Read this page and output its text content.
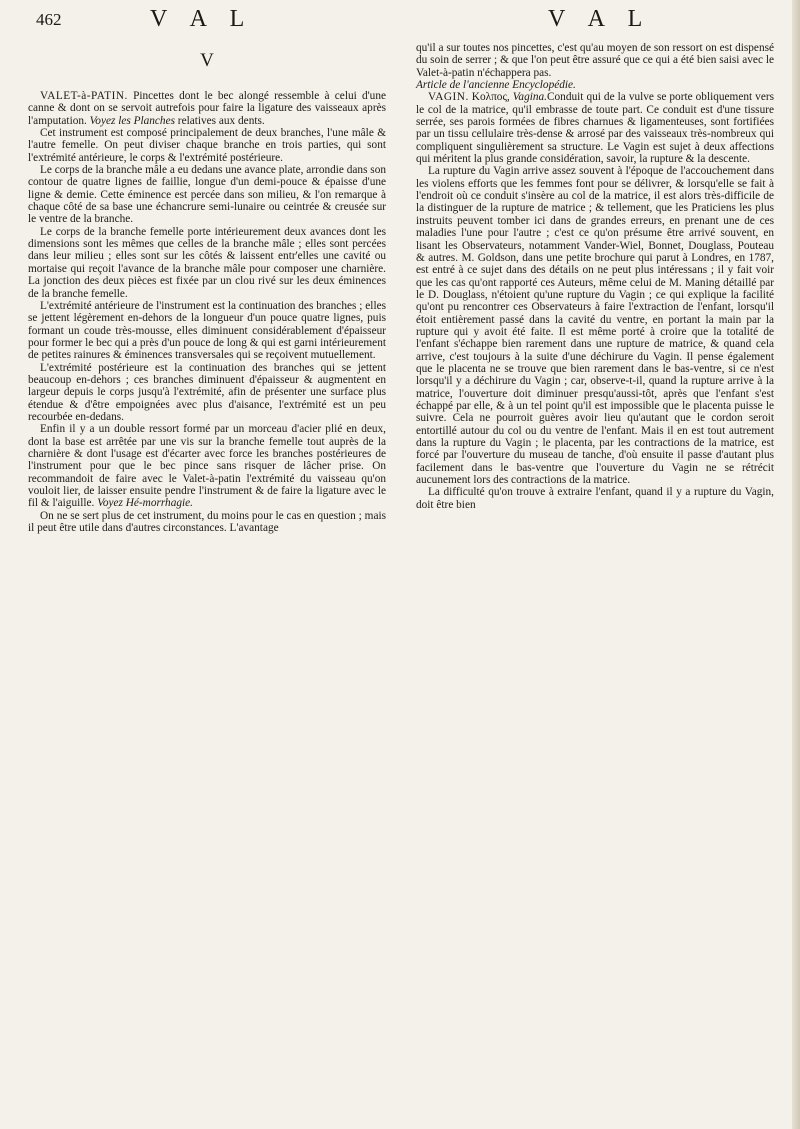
462	V A L	V A L
V

VALET-à-PATIN. Pincettes dont le bec alongé ressemble à celui d'une canne & dont on se servoit autrefois pour faire la ligature des vaisseaux après l'amputation. Voyez les Planches relatives aux dents.

Cet instrument est composé principalement de deux branches, l'une mâle & l'autre femelle. On peut diviser chaque branche en trois parties, qui sont l'extrémité antérieure, le corps & l'extrémité postérieure.

Le corps de la branche mâle a eu dedans une avance plate, arrondie dans son contour de quatre lignes de faillie, longue d'un demi-pouce & épaisse d'une ligne & demie. Cette éminence est percée dans son milieu, & l'on remarque à chaque côté de sa base une échancrure semi-lunaire ou ceintrée & creusée sur le ventre de la branche.

Le corps de la branche femelle porte intérieurement deux avances dont les dimensions sont les mêmes que celles de la branche mâle ; elles sont percées dans leur milieu ; elles sont sur les côtés & laissent entr'elles une cavité ou mortaise qui reçoit l'avance de la branche mâle pour composer une charnière. La jonction des deux pièces est fixée par un clou rivé sur les deux éminences de la branche femelle.

L'extrémité antérieure de l'instrument est la continuation des branches ; elles se jettent légèrement en-dehors de la longueur d'un pouce quatre lignes, puis formant un coude très-mousse, elles diminuent considérablement d'épaisseur pour former le bec qui a près d'un pouce de long & qui est garni intérieurement de petites rainures & éminences transversales qui se reçoivent mutuellement.

L'extrémité postérieure est la continuation des branches qui se jettent beaucoup en-dehors ; ces branches diminuent d'épaisseur & augmentent en largeur depuis le corps jusqu'à l'extrémité, afin de présenter une surface plus étendue & d'être empoignées avec plus d'aisance, l'extrémité est un peu recourbée en-dedans.

Enfin il y a un double ressort formé par un morceau d'acier plié en deux, dont la base est arrêtée par une vis sur la branche femelle tout auprès de la charnière & dont l'usage est d'écarter avec force les branches postérieures de l'instrument pour que le bec pince sans risquer de lâcher prise. On recommandoit de faire avec le Valet-à-patin l'extrémité du vaisseau qu'on vouloit lier, de laisser ensuite pendre l'instrument & de faire la ligature avec le fil & l'aiguille. Voyez Hé-morrhagie.

On ne se sert plus de cet instrument, du moins pour le cas en question ; mais il peut être utile dans d'autres circonstances. L'avantage

qu'il a sur toutes nos pincettes, c'est qu'au moyen de son ressort on est dispensé du soin de serrer ; & que l'on peut être assuré que ce qui a été bien saisi avec le Valet-à-patin n'échappera pas.

Article de l'ancienne Encyclopédie.

VAGIN. Κολπος, Vagina.Conduit qui de la vulve se porte obliquement vers le col de la matrice, qu'il embrasse de toute part. Ce conduit est d'une tissure serrée, ses parois formées de fibres charnues & ligamenteuses, sont fortifiées par un tissu cellulaire très-dense & arrosé par des vaisseaux très-nombreux qui compliquent singulièrement sa structure. Le Vagin est sujet à deux affections qui méritent la plus grande considération, savoir, la rupture & la descente.

La rupture du Vagin arrive assez souvent à l'époque de l'accouchement dans les violens efforts que les femmes font pour se délivrer, & lorsqu'elle se fait à l'endroit où ce conduit s'insère au col de la matrice, il est alors très-difficile de la distinguer de la rupture de matrice ; & tellement, que les Praticiens les plus instruits peuvent tomber ici dans de grandes erreurs, en prenant une de ces maladies l'une pour l'autre ; c'est ce qu'on présume être arrivé souvent, en lisant les Observateurs, notamment Vander-Wiel, Bonnet, Douglass, Pouteau & autres. M. Goldson, dans une petite brochure qui parut à Londres, en 1787, est entré à ce sujet dans des détails on ne peut plus intéressans ; il y fait voir que les cas qu'ont rapporté ces Auteurs, même celui de M. Maning détaillé par le D. Douglass, n'étoient qu'une rupture du Vagin ; ce qui explique la facilité qu'ont pu rencontrer ces Observateurs à faire l'extraction de l'enfant, lorsqu'il étoit entièrement passé dans la cavité du ventre, en portant la main par la rupture qui y avoit été faite. Il est même porté à croire que la totalité de l'enfant s'échappe bien rarement dans une rupture de matrice, & quand cela arrive, c'est toujours à la suite d'une déchirure du Vagin. Il pense également que le placenta ne se trouve que bien rarement dans le bas-ventre, si ce n'est lorsqu'il y a déchirure du Vagin ; car, observe-t-il, quand la rupture arrive à la matrice, l'ouverture doit diminuer presqu'aussi-tôt, après que l'enfant s'est échappé par elle, & à un tel point qu'il est impossible que le placenta puisse le suivre. Cela ne pourroit guères avoir lieu qu'autant que le cordon seroit entortillé autour du col ou du ventre de l'enfant. Mais il en est tout autrement dans la rupture du Vagin ; le placenta, par les contractions de la matrice, est forcé par l'ouverture du museau de tanche, d'où ensuite il passe d'autant plus facilement dans le bas-ventre que l'ouverture du Vagin ne se rétrécit aucunement lors des contractions de la matrice.

La difficulté qu'on trouve à extraire l'enfant, quand il y a rupture du Vagin, doit être bien
